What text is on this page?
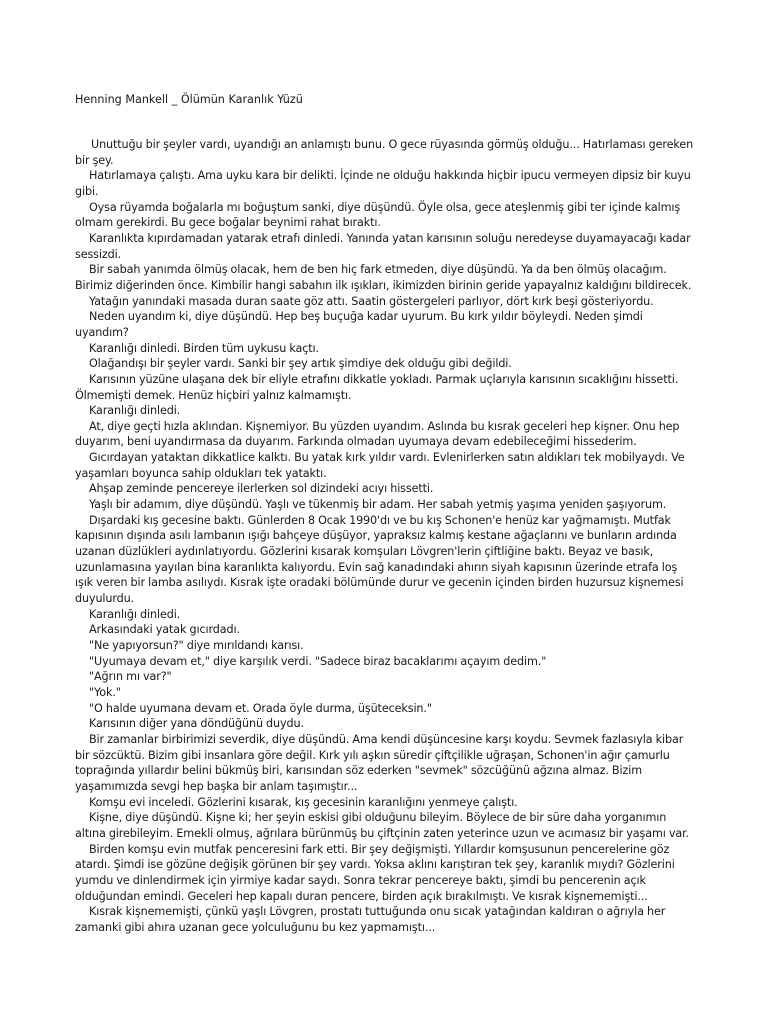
Henning Mankell _ Ölümün Karanlık Yüzü

Unuttuğu bir şeyler vardı, uyandığı an anlamıştı bunu. O gece rüyasında görmüş olduğu... Hatırlaması gereken bir şey.

Hatırlamaya çalıştı. Ama uyku kara bir delikti. İçinde ne olduğu hakkında hiçbir ipucu vermeyen dipsiz bir kuyu gibi.

Oysa rüyamda boğalarla mı boğuştum sanki, diye düşündü. Öyle olsa, gece ateşlenmiş gibi ter içinde kalmış olmam gerekirdi. Bu gece boğalar beynimi rahat bıraktı.

Karanlıkta kıpırdamadan yatarak etrafı dinledi. Yanında yatan karısının soluğu neredeyse duyamayacağı kadar sessizdi.

Bir sabah yanımda ölmüş olacak, hem de ben hiç fark etmeden, diye düşündü. Ya da ben ölmüş olacağım. Birimiz diğerinden önce. Kimbilir hangi sabahın ilk ışıkları, ikimizden birinin geride yapayalnız kaldığını bildirecek.

Yatağın yanındaki masada duran saate göz attı. Saatin göstergeleri parlıyor, dört kırk beşi gösteriyordu.

Neden uyandım ki, diye düşündü. Hep beş buçuğa kadar uyurum. Bu kırk yıldır böyleydi. Neden şimdi uyandım?

Karanlığı dinledi. Birden tüm uykusu kaçtı.

Olağandışı bir şeyler vardı. Sanki bir şey artık şimdiye dek olduğu gibi değildi.

Karısının yüzüne ulaşana dek bir eliyle etrafını dikkatle yokladı. Parmak uçlarıyla karısının sıcaklığını hissetti. Ölmemişti demek. Henüz hiçbiri yalnız kalmamıştı.

Karanlığı dinledi.

At, diye geçti hızla aklından. Kişnemiyor. Bu yüzden uyandım. Aslında bu kısrak geceleri hep kişner. Onu hep duyarım, beni uyandırmasa da duyarım. Farkında olmadan uyumaya devam edebileceğimi hissederim.

Gıcırdayan yataktan dikkatlice kalktı. Bu yatak kırk yıldır vardı. Evlenirlerken satın aldıkları tek mobilyaydı. Ve yaşamları boyunca sahip oldukları tek yataktı.

Ahşap zeminde pencereye ilerlerken sol dizindeki acıyı hissetti.

Yaşlı bir adamım, diye düşündü. Yaşlı ve tükenmiş bir adam. Her sabah yetmiş yaşıma yeniden şaşıyorum.

Dışardaki kış gecesine baktı. Günlerden 8 Ocak 1990'dı ve bu kış Schonen'e henüz kar yağmamıştı. Mutfak kapısının dışında asılı lambanın ışığı bahçeye düşüyor, yapraksız kalmış kestane ağaçlarını ve bunların ardında uzanan düzlükleri aydınlatıyordu. Gözlerini kısarak komşuları Lövgren'lerin çiftliğine baktı. Beyaz ve basık, uzunlamasına yayılan bina karanlıkta kalıyordu. Evin sağ kanadındaki ahırın siyah kapısının üzerinde etrafa loş ışık veren bir lamba asılıydı. Kısrak işte oradaki bölümünde durur ve gecenin içinden birden huzursuz kişnemesi duyulurdu.

Karanlığı dinledi.

Arkasındaki yatak gıcırdadı.

"Ne yapıyorsun?" diye mırıldandı karısı.

"Uyumaya devam et," diye karşılık verdi. "Sadece biraz bacaklarımı açayım dedim."

"Ağrın mı var?"

"Yok."

"O halde uyumana devam et. Orada öyle durma, üşüteceksin."

Karısının diğer yana döndüğünü duydu.

Bir zamanlar birbirimizi severdik, diye düşündü. Ama kendi düşüncesine karşı koydu. Sevmek fazlasıyla kibar bir sözcüktü. Bizim gibi insanlara göre değil. Kırk yılı aşkın süredir çiftçilikle uğraşan, Schonen'in ağır çamurlu toprağında yıllardır belini bükmüş biri, karısından söz ederken "sevmek" sözcüğünü ağzına almaz. Bizim yaşamımızda sevgi hep başka bir anlam taşımıştır...

Komşu evi inceledi. Gözlerini kısarak, kış gecesinin karanlığını yenmeye çalıştı.

Kişne, diye düşündü. Kişne ki; her şeyin eskisi gibi olduğunu bileyim. Böylece de bir süre daha yorganımın altına girebileyim. Emekli olmuş, ağrılara bürünmüş bu çiftçinin zaten yeterince uzun ve acımasız bir yaşamı var.

Birden komşu evin mutfak penceresini fark etti. Bir şey değişmişti. Yıllardır komşusunun pencerelerine göz atardı. Şimdi ise gözüne değişik görünen bir şey vardı. Yoksa aklını karıştıran tek şey, karanlık mıydı? Gözlerini yumdu ve dinlendirmek için yirmiye kadar saydı. Sonra tekrar pencereye baktı, şimdi bu pencerenin açık olduğundan emindi. Geceleri hep kapalı duran pencere, birden açık bırakılmıştı. Ve kısrak kişnememişti...

Kısrak kişnememişti, çünkü yaşlı Lövgren, prostatı tuttuğunda onu sıcak yatağından kaldıran o ağrıyla her zamanki gibi ahıra uzanan gece yolculuğunu bu kez yapmamıştı...
